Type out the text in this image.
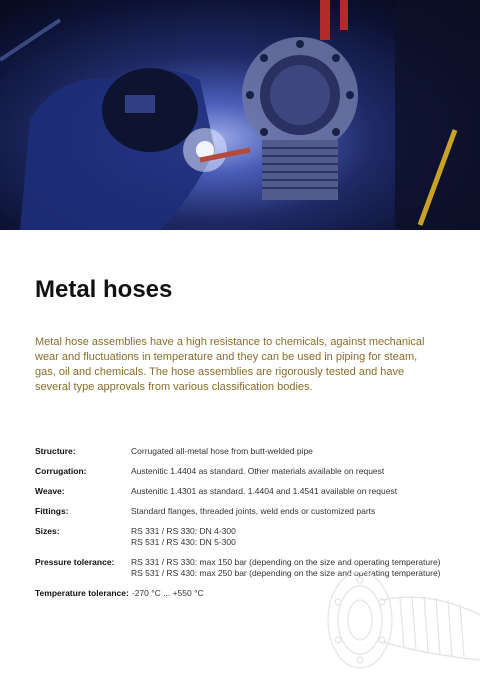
Metal hoses

Metal hose assemblies have a high resistance to chemicals, against mechanical wear and fluctuations in temperature and they can be used in piping for steam, gas, oil and chemicals. The hose assemblies are rigorously tested and have several type approvals from various classification bodies.

Structure:	Corrugated all-metal hose from butt-welded pipe
Corrugation:	Austenitic 1.4404 as standard. Other materials available on request
Weave:	Austenitic 1.4301 as standard. 1.4404 and 1.4541 available on request
Fittings:	Standard flanges, threaded joints, weld ends or customized parts
Sizes:	RS 331 / RS 330: DN 4-300
RS 531 / RS 430: DN 5-300
Pressure tolerance:	RS 331 / RS 330: max 150 bar (depending on the size and operating temperature)
RS 531 / RS 430: max 250 bar (depending on the size and operating temperature)
Temperature tolerance: -270 °C ... +550 °C
